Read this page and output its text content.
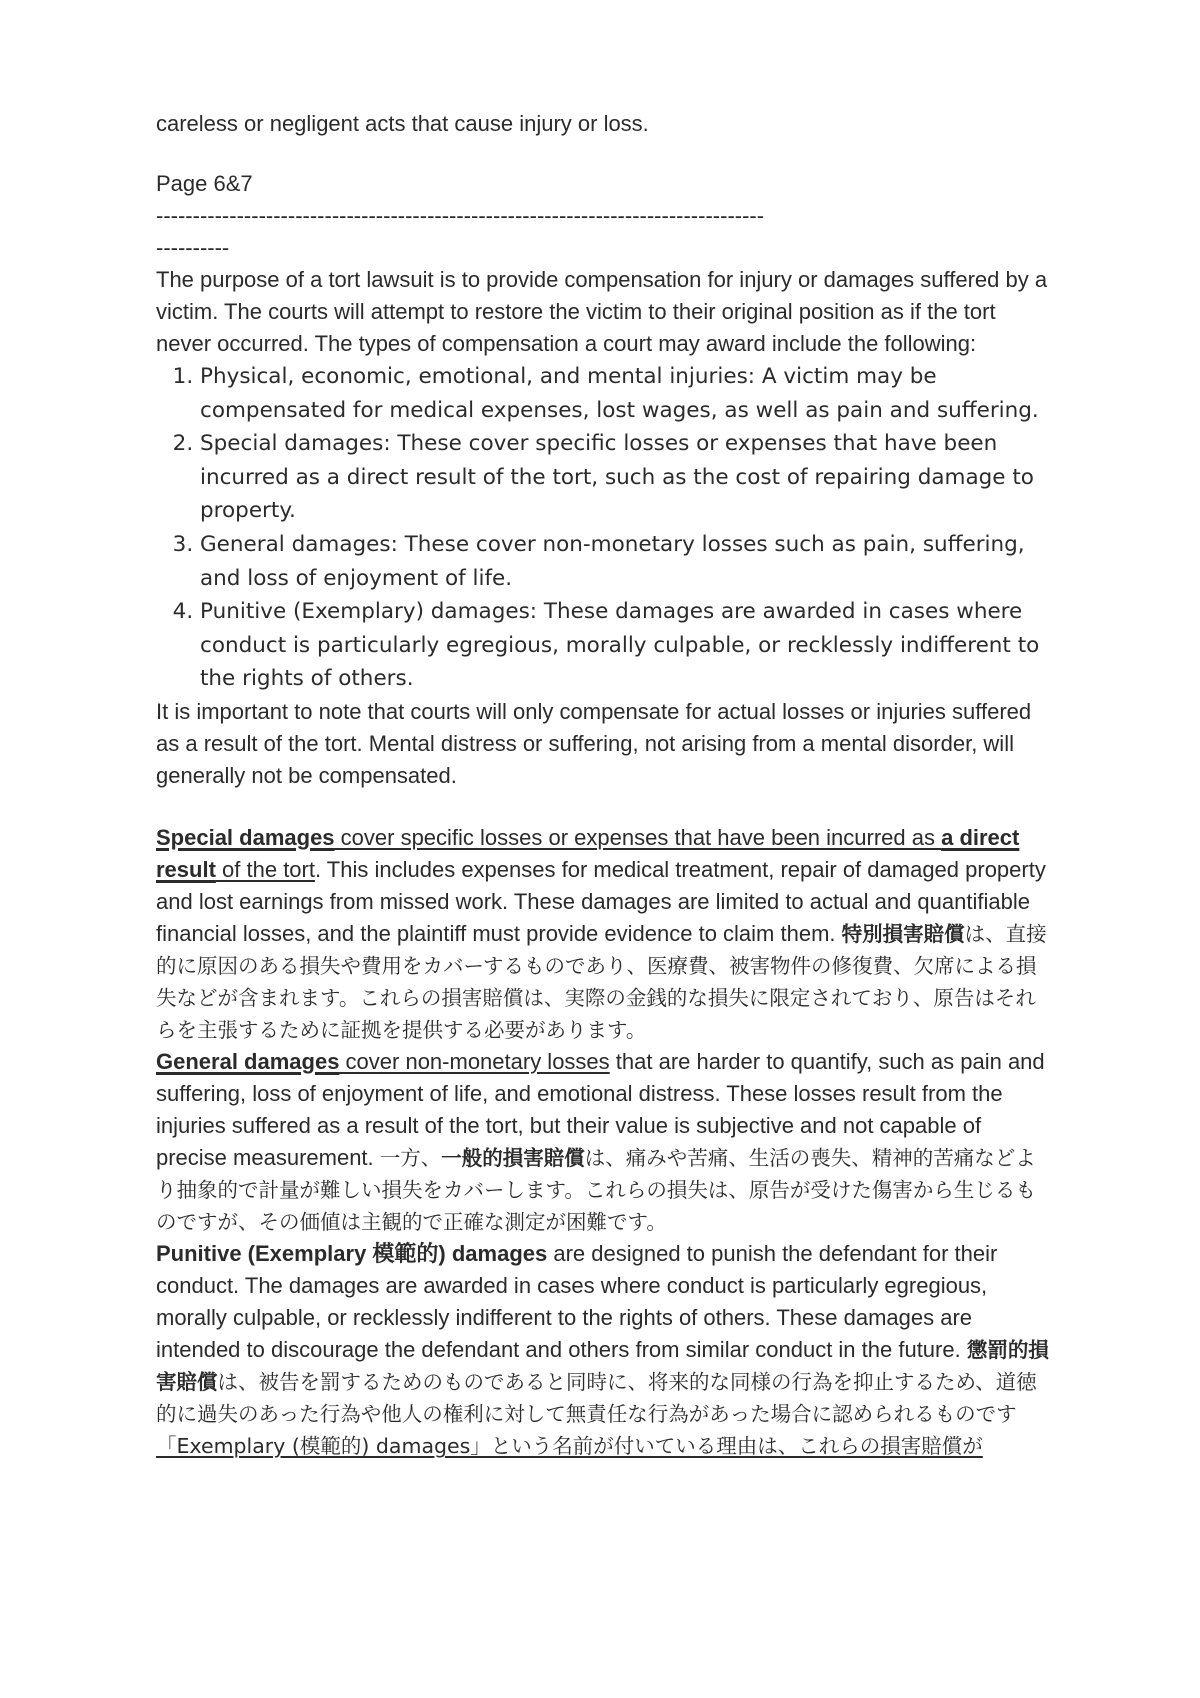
careless or negligent acts that cause injury or loss.

Page 6&7

-----------------------------------------------------------------------------------

----------

The purpose of a tort lawsuit is to provide compensation for injury or damages suffered by a victim. The courts will attempt to restore the victim to their original position as if the tort never occurred. The types of compensation a court may award include the following:

1. Physical, economic, emotional, and mental injuries: A victim may be compensated for medical expenses, lost wages, as well as pain and suffering.
2. Special damages: These cover specific losses or expenses that have been incurred as a direct result of the tort, such as the cost of repairing damage to property.
3. General damages: These cover non-monetary losses such as pain, suffering, and loss of enjoyment of life.
4. Punitive (Exemplary) damages: These damages are awarded in cases where conduct is particularly egregious, morally culpable, or recklessly indifferent to the rights of others.

It is important to note that courts will only compensate for actual losses or injuries suffered as a result of the tort. Mental distress or suffering, not arising from a mental disorder, will generally not be compensated.

Special damages cover specific losses or expenses that have been incurred as a direct result of the tort. This includes expenses for medical treatment, repair of damaged property and lost earnings from missed work. These damages are limited to actual and quantifiable financial losses, and the plaintiff must provide evidence to claim them. 特別損害賠償は、直接的に原因のある損失や費用をカバーするものであり、医療費、被害物件の修復費、欠席による損失などが含まれます。これらの損害賠償は、実際の金銭的な損失に限定されており、原告はそれらを主張するために証拠を提供する必要があります。

General damages cover non-monetary losses that are harder to quantify, such as pain and suffering, loss of enjoyment of life, and emotional distress. These losses result from the injuries suffered as a result of the tort, but their value is subjective and not capable of precise measurement. 一方、一般的損害賠償は、痛みや苦痛、生活の喪失、精神的苦痛などより抽象的で計量が難しい損失をカバーします。これらの損失は、原告が受けた傷害から生じるものですが、その価値は主観的で正確な測定が困難です。

Punitive (Exemplary 模範的) damages are designed to punish the defendant for their conduct. The damages are awarded in cases where conduct is particularly egregious, morally culpable, or recklessly indifferent to the rights of others. These damages are intended to discourage the defendant and others from similar conduct in the future. 懲罰的損害賠償は、被告を罰するためのものであると同時に、将来的な同様の行為を抑止するため、道徳的に過失のあった行為や他人の権利に対して無責任な行為があった場合に認められるものです

「Exemplary (模範的) damages」という名前が付いている理由は、これらの損害賠償が
